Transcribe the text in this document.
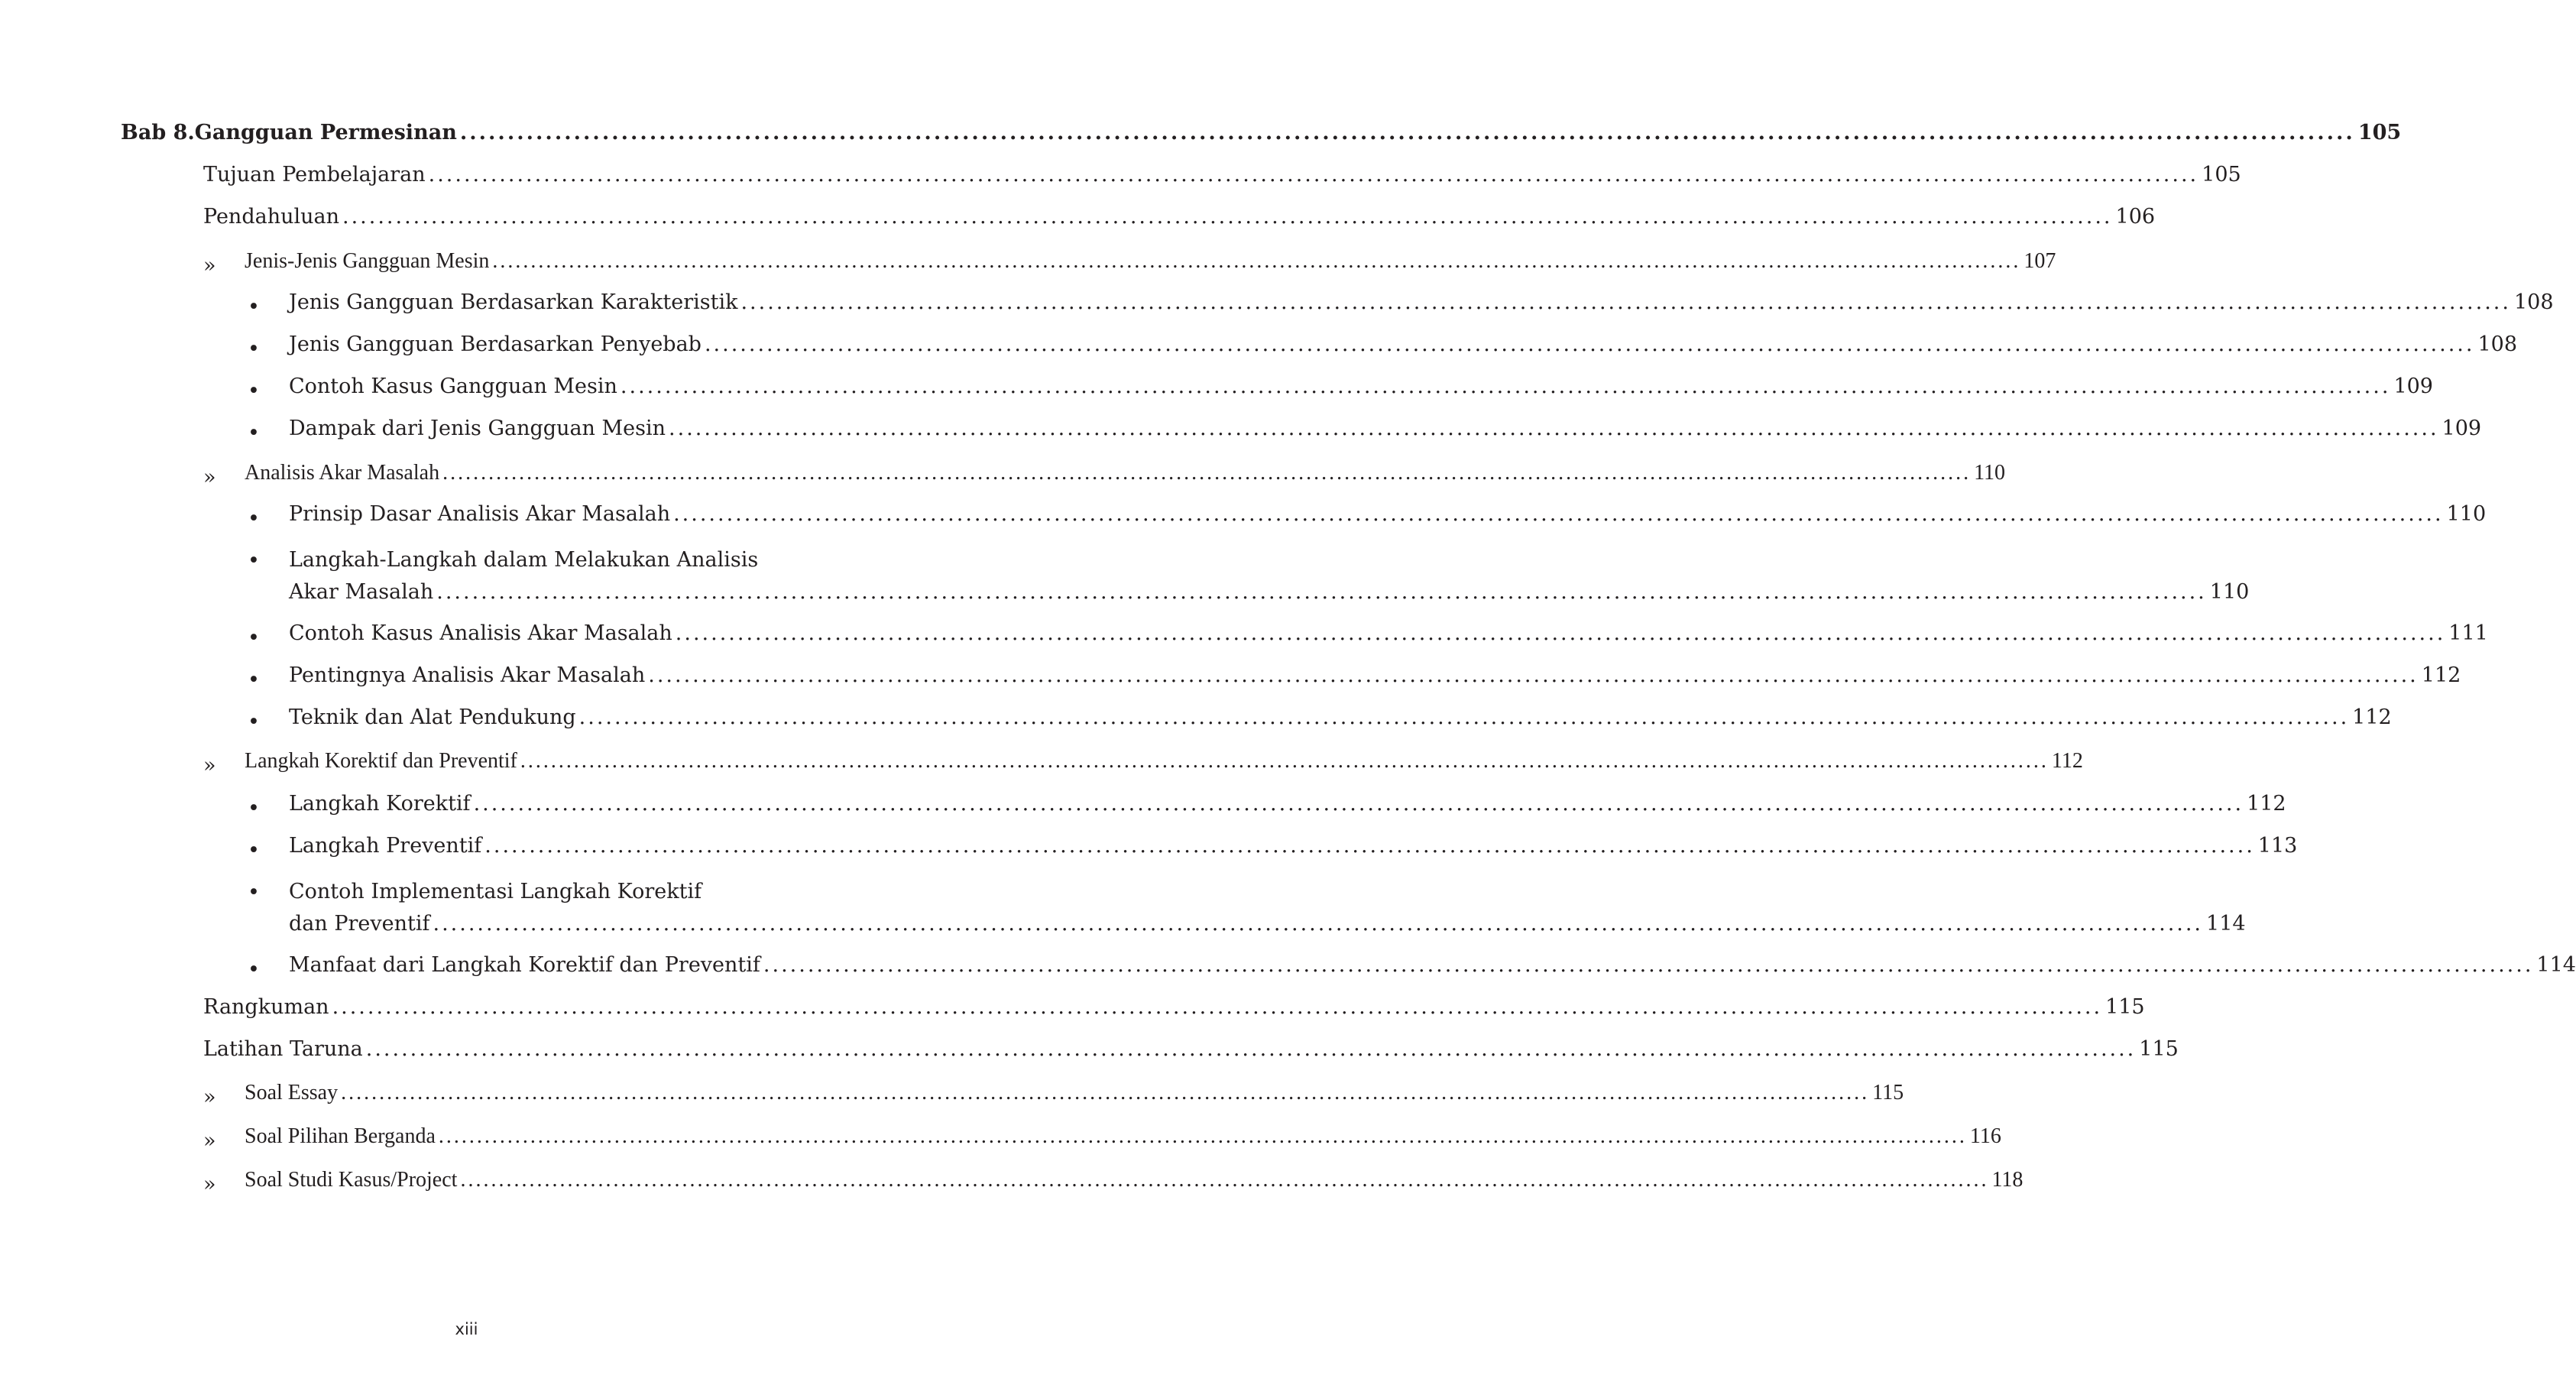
Bab 8. Gangguan Permesinan ........................................................................................................................................................................................................ 105
Tujuan Pembelajaran ........................................................................................................................................................................................................ 105
Pendahuluan ........................................................................................................................................................................................................ 106
» Jenis-Jenis Gangguan Mesin ........................................................................................................................................................................................................ 107
• Jenis Gangguan Berdasarkan Karakteristik ........................................................................................................................................................................................................ 108
• Jenis Gangguan Berdasarkan Penyebab ........................................................................................................................................................................................................ 108
• Contoh Kasus Gangguan Mesin ........................................................................................................................................................................................................ 109
• Dampak dari Jenis Gangguan Mesin ........................................................................................................................................................................................................ 109
» Analisis Akar Masalah ........................................................................................................................................................................................................ 110
• Prinsip Dasar Analisis Akar Masalah ........................................................................................................................................................................................................ 110
• Langkah-Langkah dalam Melakukan Analisis
Akar Masalah ........................................................................................................................................................................................................ 110
• Contoh Kasus Analisis Akar Masalah ........................................................................................................................................................................................................ 111
• Pentingnya Analisis Akar Masalah ........................................................................................................................................................................................................ 112
• Teknik dan Alat Pendukung ........................................................................................................................................................................................................ 112
» Langkah Korektif dan Preventif ........................................................................................................................................................................................................ 112
• Langkah Korektif ........................................................................................................................................................................................................ 112
• Langkah Preventif ........................................................................................................................................................................................................ 113
• Contoh Implementasi Langkah Korektif
dan Preventif ........................................................................................................................................................................................................ 114
• Manfaat dari Langkah Korektif dan Preventif ........................................................................................................................................................................................................ 114
Rangkuman ........................................................................................................................................................................................................ 115
Latihan Taruna ........................................................................................................................................................................................................ 115
» Soal Essay ........................................................................................................................................................................................................ 115
» Soal Pilihan Berganda ........................................................................................................................................................................................................ 116
» Soal Studi Kasus/Project ........................................................................................................................................................................................................ 118
xiii
